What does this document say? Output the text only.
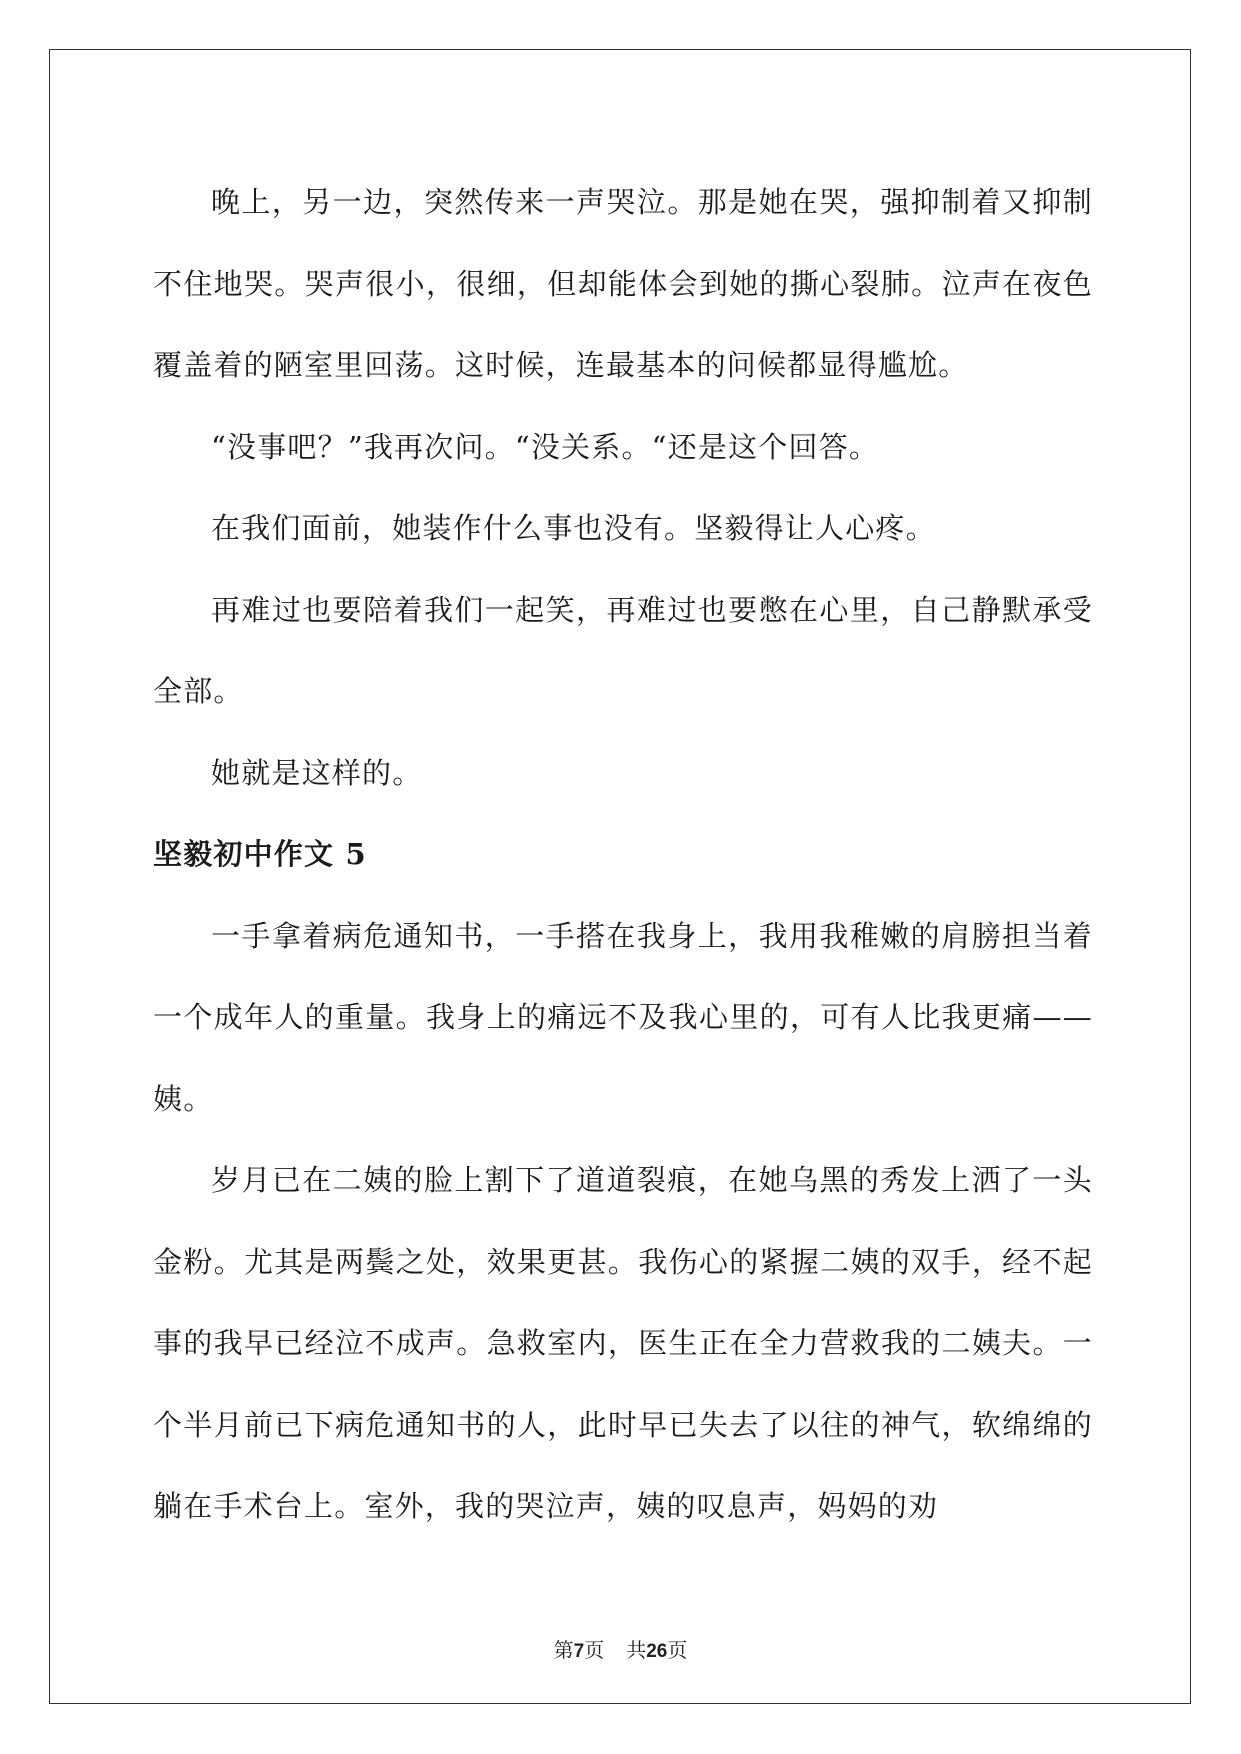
晚上，另一边，突然传来一声哭泣。那是她在哭，强抑制着又抑制不住地哭。哭声很小，很细，但却能体会到她的撕心裂肺。泣声在夜色覆盖着的陋室里回荡。这时候，连最基本的问候都显得尴尬。

“没事吧？”我再次问。“没关系。“还是这个回答。

在我们面前，她装作什么事也没有。坚毅得让人心疼。

再难过也要陪着我们一起笑，再难过也要憋在心里，自己静默承受全部。

她就是这样的。

坚毅初中作文 5

一手拿着病危通知书，一手搭在我身上，我用我稚嫩的肩膀担当着一个成年人的重量。我身上的痛远不及我心里的，可有人比我更痛——姨。

岁月已在二姨的脸上割下了道道裂痕，在她乌黑的秀发上洒了一头金粉。尤其是两鬓之处，效果更甚。我伤心的紧握二姨的双手，经不起事的我早已经泣不成声。急救室内，医生正在全力营救我的二姨夫。一个半月前已下病危通知书的人，此时早已失去了以往的神气，软绵绵的躺在手术台上。室外，我的哭泣声，姨的叹息声，妈妈的劝

第7页 共26页
